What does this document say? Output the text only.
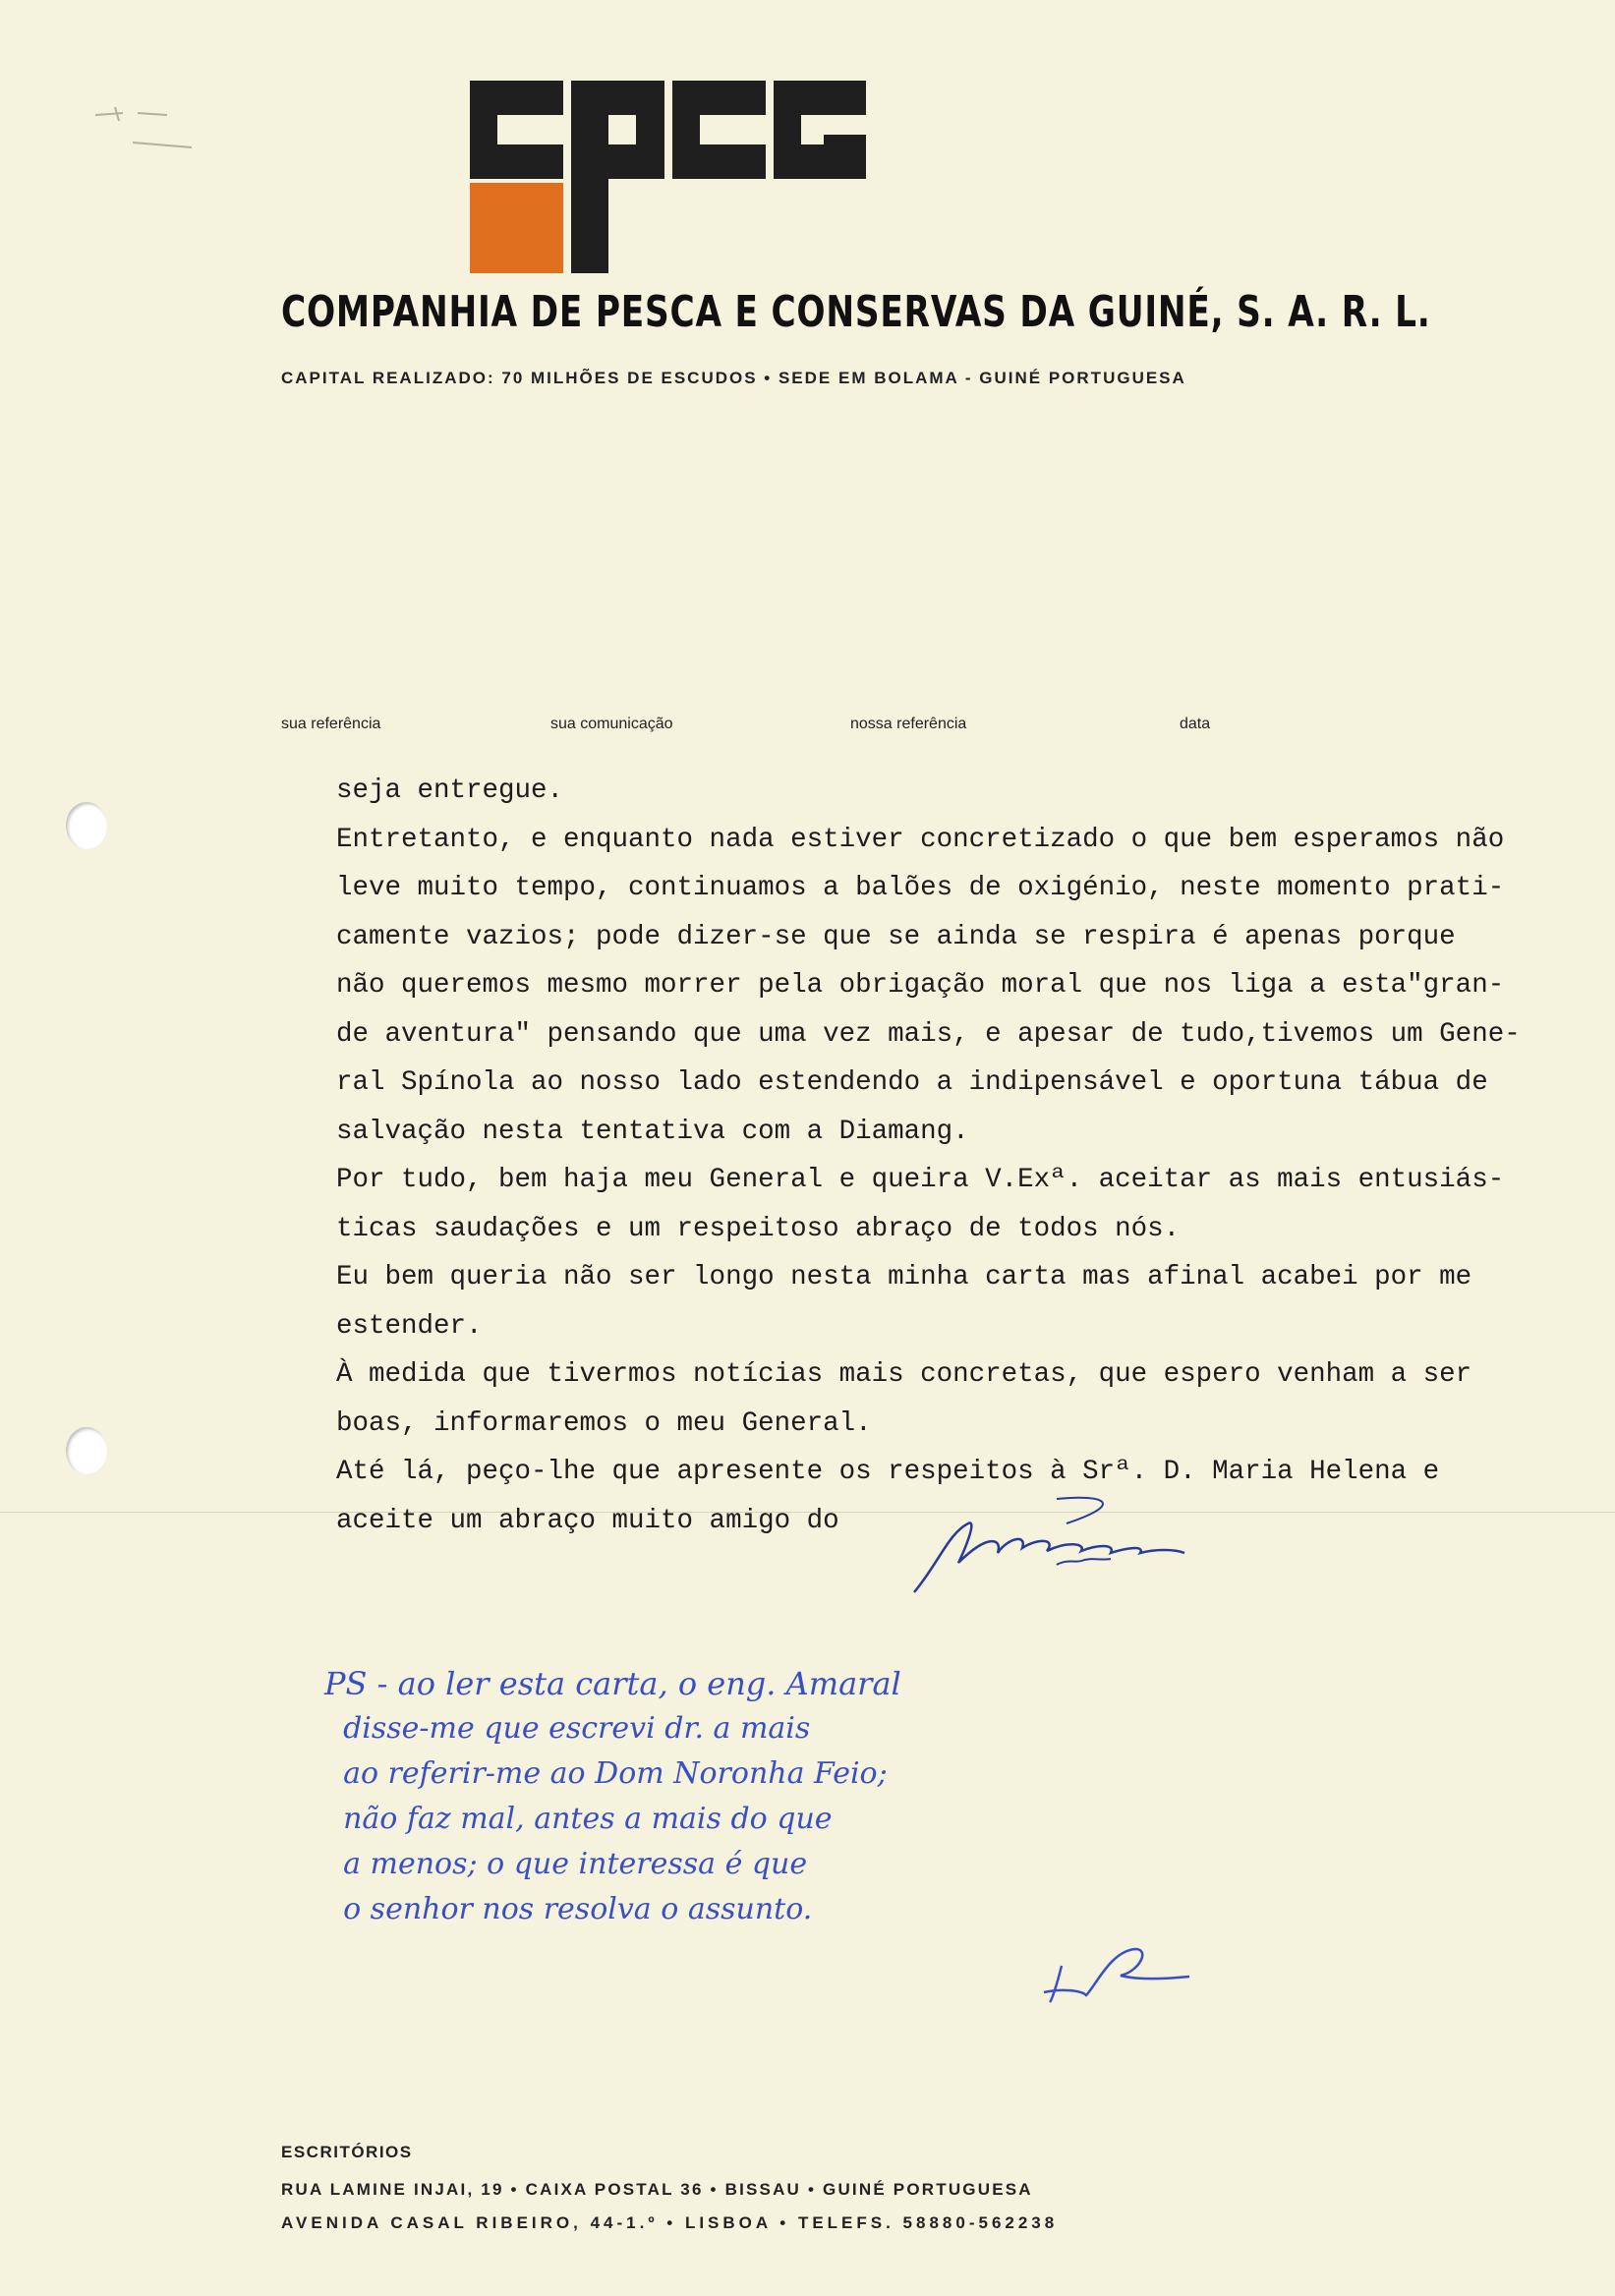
COMPANHIA DE PESCA E CONSERVAS DA GUINÉ, S. A. R. L.
CAPITAL REALIZADO: 70 MILHÕES DE ESCUDOS • SEDE EM BOLAMA - GUINÉ PORTUGUESA
sua referência	sua comunicação	nossa referência	data
seja entregue.
Entretanto, e enquanto nada estiver concretizado o que bem esperamos não
leve muito tempo, continuamos a balões de oxigénio, neste momento prati-
camente vazios; pode dizer-se que se ainda se respira é apenas porque
não queremos mesmo morrer pela obrigação moral que nos liga a esta"gran-
de aventura" pensando que uma vez mais, e apesar de tudo,tivemos um Gene-
ral Spínola ao nosso lado estendendo a indipensável e oportuna tábua de
salvação nesta tentativa com a Diamang.
Por tudo, bem haja meu General e queira V.Exª. aceitar as mais entusiás-
ticas saudações e um respeitoso abraço de todos nós.
Eu bem queria não ser longo nesta minha carta mas afinal acabei por me
estender.
À medida que tivermos notícias mais concretas, que espero venham a ser
boas, informaremos o meu General.
Até lá, peço-lhe que apresente os respeitos à Srª. D. Maria Helena e
aceite um abraço muito amigo do
PS - ao ler esta carta, o eng. Amaral
disse-me que escrevi dr. a mais
ao referir-me ao Dom Noronha Feio;
não faz mal, antes a mais do que
a menos; o que interessa é que
o senhor nos resolva o assunto.
ESCRITÓRIOS
RUA LAMINE INJAI, 19 • CAIXA POSTAL 36 • BISSAU • GUINÉ PORTUGUESA
AVENIDA CASAL RIBEIRO, 44-1.º • LISBOA • TELEFS. 58880-562238
